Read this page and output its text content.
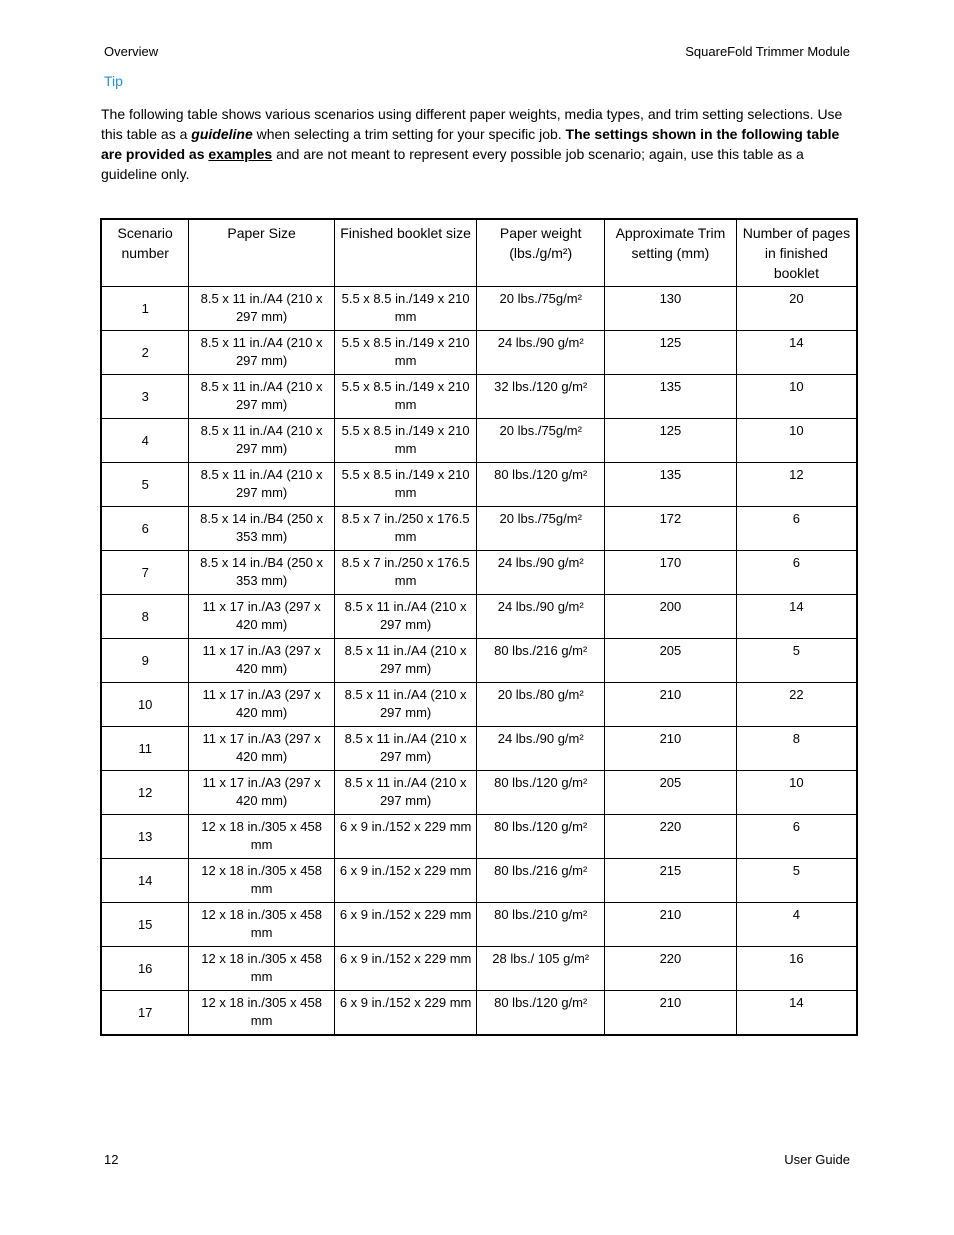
Overview	SquareFold Trimmer Module
Tip

The following table shows various scenarios using different paper weights, media types, and trim setting selections. Use this table as a guideline when selecting a trim setting for your specific job. The settings shown in the following table are provided as examples and are not meant to represent every possible job scenario; again, use this table as a guideline only.

Scenario number	Paper Size	Finished booklet size	Paper weight (lbs./g/m²)	Approximate Trim setting (mm)	Number of pages in finished booklet
1	8.5 x 11 in./A4 (210 x 297 mm)	5.5 x 8.5 in./149 x 210 mm	20 lbs./75g/m²	130	20
2	8.5 x 11 in./A4 (210 x 297 mm)	5.5 x 8.5 in./149 x 210 mm	24 lbs./90 g/m²	125	14
3	8.5 x 11 in./A4 (210 x 297 mm)	5.5 x 8.5 in./149 x 210 mm	32 lbs./120 g/m²	135	10
4	8.5 x 11 in./A4 (210 x 297 mm)	5.5 x 8.5 in./149 x 210 mm	20 lbs./75g/m²	125	10
5	8.5 x 11 in./A4 (210 x 297 mm)	5.5 x 8.5 in./149 x 210 mm	80 lbs./120 g/m²	135	12
6	8.5 x 14 in./B4 (250 x 353 mm)	8.5 x 7 in./250 x 176.5 mm	20 lbs./75g/m²	172	6
7	8.5 x 14 in./B4 (250 x 353 mm)	8.5 x 7 in./250 x 176.5 mm	24 lbs./90 g/m²	170	6
8	11 x 17 in./A3 (297 x 420 mm)	8.5 x 11 in./A4 (210 x 297 mm)	24 lbs./90 g/m²	200	14
9	11 x 17 in./A3 (297 x 420 mm)	8.5 x 11 in./A4 (210 x 297 mm)	80 lbs./216 g/m²	205	5
10	11 x 17 in./A3 (297 x 420 mm)	8.5 x 11 in./A4 (210 x 297 mm)	20 lbs./80 g/m²	210	22
11	11 x 17 in./A3 (297 x 420 mm)	8.5 x 11 in./A4 (210 x 297 mm)	24 lbs./90 g/m²	210	8
12	11 x 17 in./A3 (297 x 420 mm)	8.5 x 11 in./A4 (210 x 297 mm)	80 lbs./120 g/m²	205	10
13	12 x 18 in./305 x 458 mm	6 x 9 in./152 x 229 mm	80 lbs./120 g/m²	220	6
14	12 x 18 in./305 x 458 mm	6 x 9 in./152 x 229 mm	80 lbs./216 g/m²	215	5
15	12 x 18 in./305 x 458 mm	6 x 9 in./152 x 229 mm	80 lbs./210 g/m²	210	4
16	12 x 18 in./305 x 458 mm	6 x 9 in./152 x 229 mm	28 lbs./ 105 g/m²	220	16
17	12 x 18 in./305 x 458 mm	6 x 9 in./152 x 229 mm	80 lbs./120 g/m²	210	14
12	User Guide
